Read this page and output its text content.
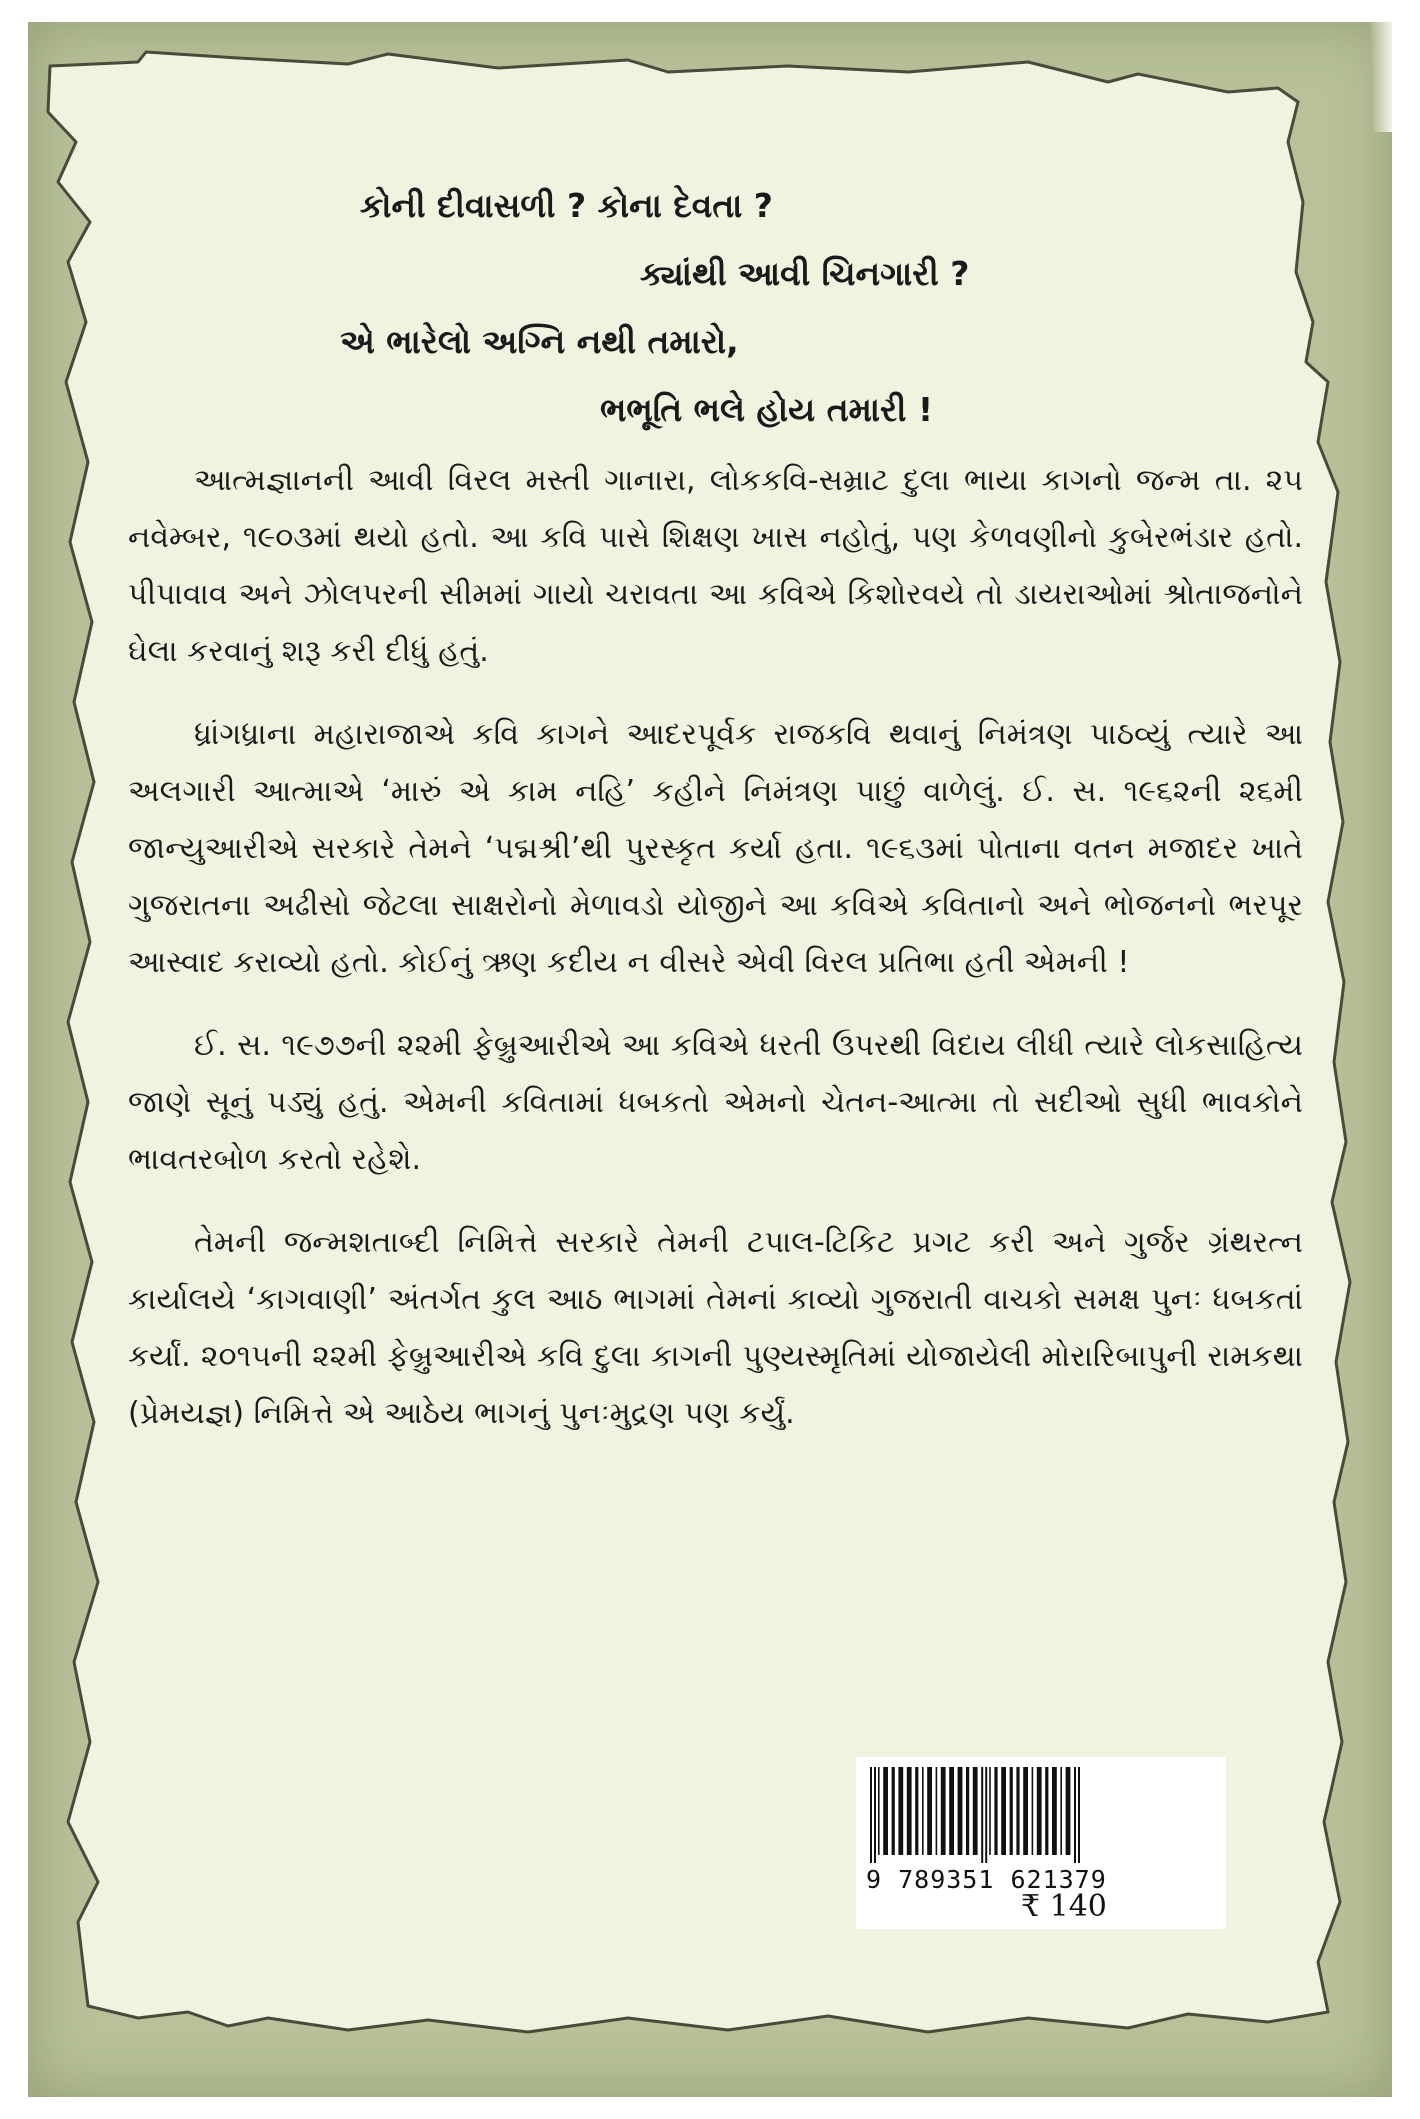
કોની દીવાસળી ? કોના દેવતા ?
ક્યાંથી આવી ચિનગારી ?
એ ભારેલો અગ્નિ નથી તમારો,
ભભૂતિ ભલે હોય તમારી !

આત્મજ્ઞાનની આવી વિરલ મસ્તી ગાનારા, લોકકવિ-સમ્રાટ દુલા ભાયા કાગનો જન્મ તા. ૨૫ નવેમ્બર, ૧૯૦૩માં થયો હતો. આ કવિ પાસે શિક્ષણ ખાસ નહોતું, પણ કેળવણીનો કુબેરભંડાર હતો. પીપાવાવ અને ઝોલપરની સીમમાં ગાયો ચરાવતા આ કવિએ કિશોરવયે તો ડાયરાઓમાં શ્રોતાજનોને ઘેલા કરવાનું શરૂ કરી દીધું હતું.

ધ્રાંગધ્રાના મહારાજાએ કવિ કાગને આદરપૂર્વક રાજકવિ થવાનું નિમંત્રણ પાઠવ્યું ત્યારે આ અલગારી આત્માએ ‘મારું એ કામ નહિ’ કહીને નિમંત્રણ પાછું વાળેલું. ઈ. સ. ૧૯૬૨ની ૨૬મી જાન્યુઆરીએ સરકારે તેમને ‘પદ્મશ્રી’થી પુરસ્કૃત કર્યા હતા. ૧૯૬૩માં પોતાના વતન મજાદર ખાતે ગુજરાતના અઢીસો જેટલા સાક્ષરોનો મેળાવડો યોજીને આ કવિએ કવિતાનો અને ભોજનનો ભરપૂર આસ્વાદ કરાવ્યો હતો. કોઈનું ઋણ કદીય ન વીસરે એવી વિરલ પ્રતિભા હતી એમની !

ઈ. સ. ૧૯૭૭ની ૨૨મી ફેબ્રુઆરીએ આ કવિએ ધરતી ઉપરથી વિદાય લીધી ત્યારે લોકસાહિત્ય જાણે સૂનું પડ્યું હતું. એમની કવિતામાં ધબકતો એમનો ચેતન-આત્મા તો સદીઓ સુધી ભાવકોને ભાવતરબોળ કરતો રહેશે.

તેમની જન્મશતાબ્દી નિમિત્તે સરકારે તેમની ટપાલ-ટિકિટ પ્રગટ કરી અને ગુર્જર ગ્રંથરત્ન કાર્યાલયે ‘કાગવાણી’ અંતર્ગત કુલ આઠ ભાગમાં તેમનાં કાવ્યો ગુજરાતી વાચકો સમક્ષ પુનઃ ધબકતાં કર્યાં. ૨૦૧૫ની ૨૨મી ફેબ્રુઆરીએ કવિ દુલા કાગની પુણ્યસ્મૃતિમાં યોજાયેલી મોરારિબાપુની રામકથા (પ્રેમયજ્ઞ) નિમિત્તે એ આઠેય ભાગનું પુનઃમુદ્રણ પણ કર્યું.

9 789351 621379
₹ 140
